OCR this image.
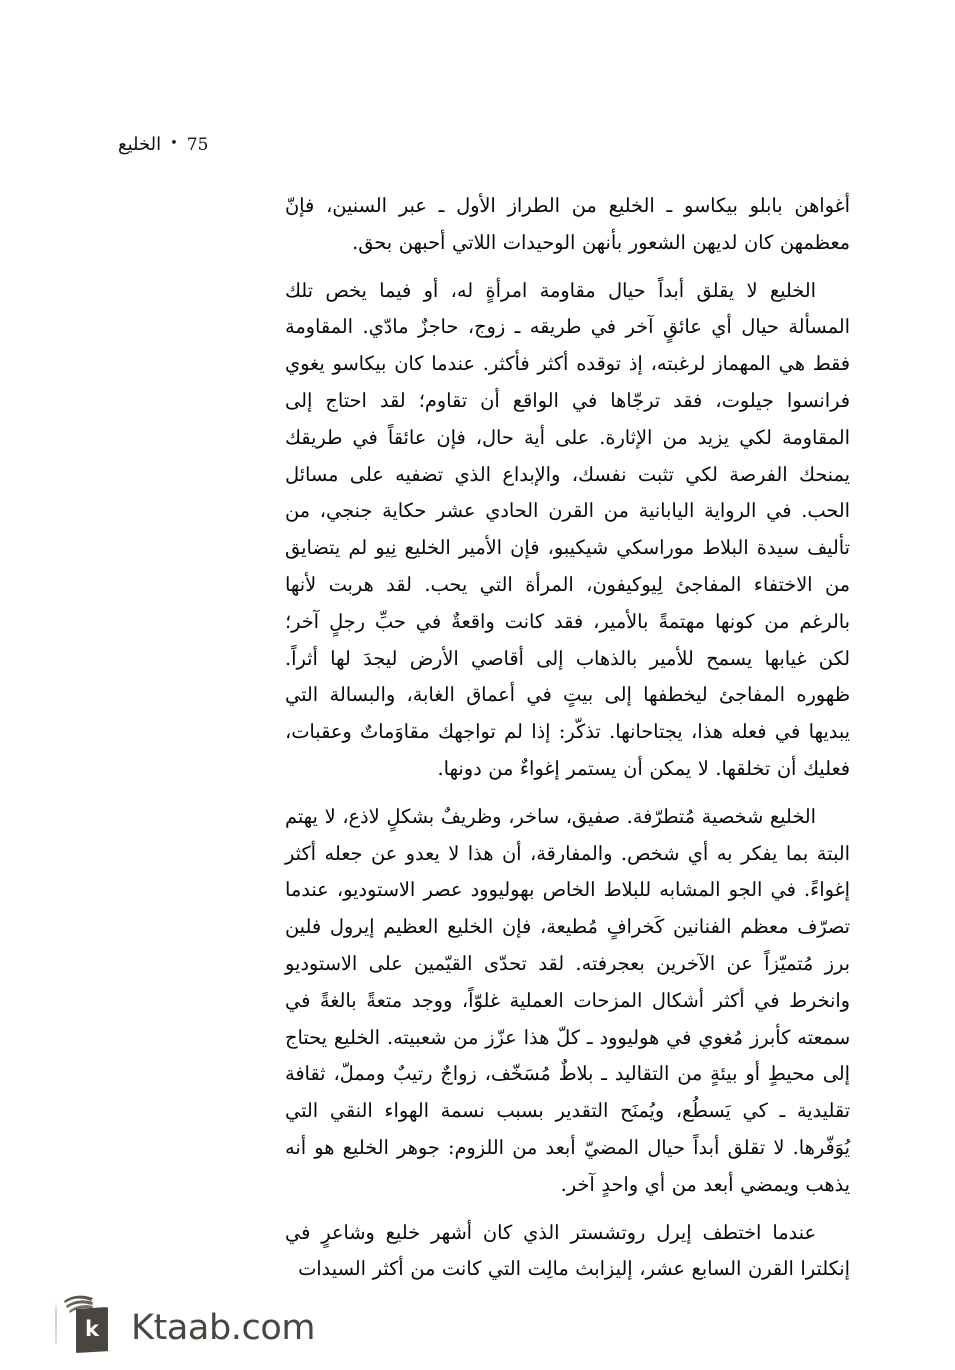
الخليع • 75

أغواهن بابلو بيكاسو ـ الخليع من الطراز الأول ـ عبر السنين، فإنّ معظمهن كان لديهن الشعور بأنهن الوحيدات اللاتي أحبهن بحق.

الخليع لا يقلق أبداً حيال مقاومة امرأةٍ له، أو فيما يخص تلك المسألة حيال أي عائقٍ آخر في طريقه ـ زوج، حاجزٌ مادّي. المقاومة فقط هي المهماز لرغبته، إذ توقده أكثر فأكثر. عندما كان بيكاسو يغوي فرانسوا جيلوت، فقد ترجّاها في الواقع أن تقاوم؛ لقد احتاج إلى المقاومة لكي يزيد من الإثارة. على أية حال، فإن عائقاً في طريقك يمنحك الفرصة لكي تثبت نفسك، والإبداع الذي تضفيه على مسائل الحب. في الرواية اليابانية من القرن الحادي عشر حكاية جنجي، من تأليف سيدة البلاط موراسكي شيكيبو، فإن الأمير الخليع نِيو لم يتضايق من الاختفاء المفاجئ لِيوكيفون، المرأة التي يحب. لقد هربت لأنها بالرغم من كونها مهتمةً بالأمير، فقد كانت واقعةٌ في حبِّ رجلٍ آخر؛ لكن غيابها يسمح للأمير بالذهاب إلى أقاصي الأرض ليجدَ لها أثراً. ظهوره المفاجئ ليخطفها إلى بيتٍ في أعماق الغابة، والبسالة التي يبديها في فعله هذا، يجتاحانها. تذكّر: إذا لم تواجهك مقاوَماتٌ وعقبات، فعليك أن تخلقها. لا يمكن أن يستمر إغواءٌ من دونها.

الخليع شخصية مُتطرّفة. صفيق، ساخر، وظريفٌ بشكلٍ لاذع، لا يهتم البتة بما يفكر به أي شخص. والمفارقة، أن هذا لا يعدو عن جعله أكثر إغواءً. في الجو المشابه للبلاط الخاص بهوليوود عصر الاستوديو، عندما تصرّف معظم الفنانين كَخرافٍ مُطيعة، فإن الخليع العظيم إيرول فلين برز مُتميّزاً عن الآخرين بعجرفته. لقد تحدّى القيّمين على الاستوديو وانخرط في أكثر أشكال المزحات العملية غلوّاً، ووجد متعةً بالغةً في سمعته كأبرز مُغوي في هوليوود ـ كلّ هذا عزّز من شعبيته. الخليع يحتاج إلى محيطٍ أو بيئةٍ من التقاليد ـ بلاطٌ مُسَخّف، زواجٌ رتيبٌ ومملّ، ثقافة تقليدية ـ كي يَسطُع، ويُمنَح التقدير بسبب نسمة الهواء النقي التي يُوَفّرها. لا تقلق أبداً حيال المضيّ أبعد من اللزوم: جوهر الخليع هو أنه يذهب ويمضي أبعد من أي واحدٍ آخر.

عندما اختطف إيرل روتشستر الذي كان أشهر خليع وشاعرٍ في إنكلترا القرن السابع عشر، إليزابث مالِت التي كانت من أكثر السيدات

k Ktaab.com
